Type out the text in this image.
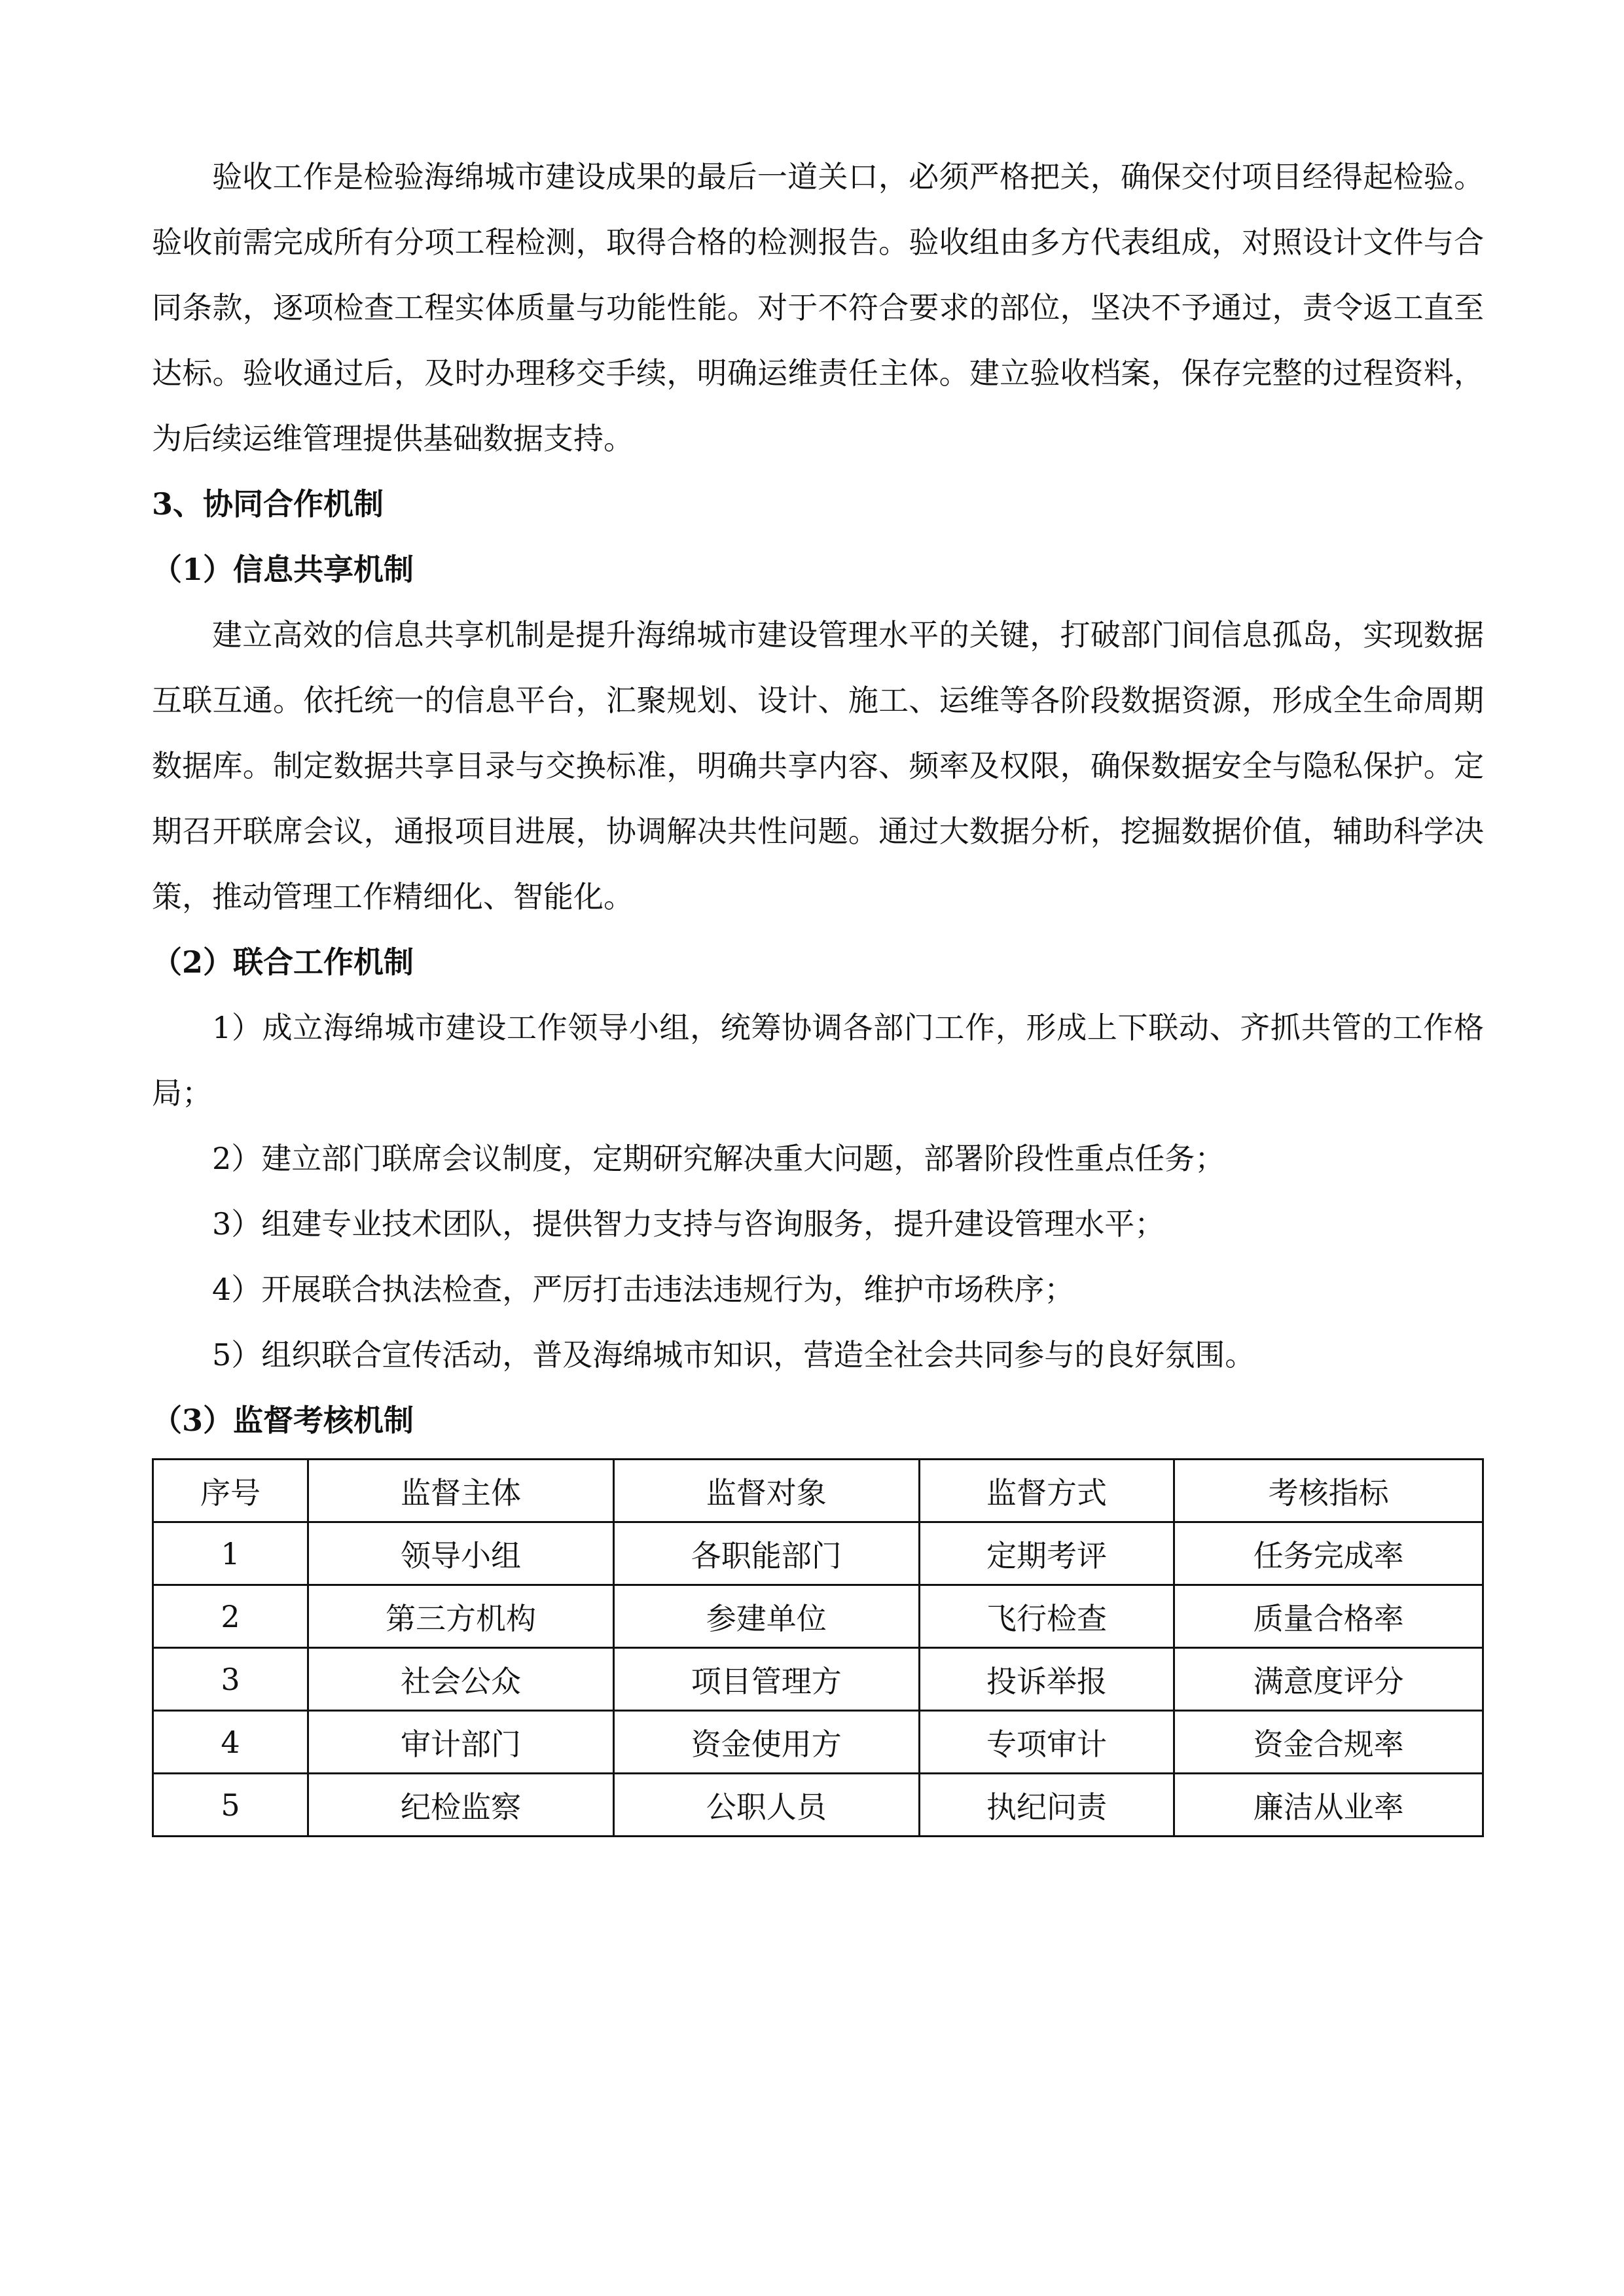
验收工作是检验海绵城市建设成果的最后一道关口，必须严格把关，确保交付项目经得起检验。验收前需完成所有分项工程检测，取得合格的检测报告。验收组由多方代表组成，对照设计文件与合同条款，逐项检查工程实体质量与功能性能。对于不符合要求的部位，坚决不予通过，责令返工直至达标。验收通过后，及时办理移交手续，明确运维责任主体。建立验收档案，保存完整的过程资料，为后续运维管理提供基础数据支持。

3、协同合作机制

（1）信息共享机制

建立高效的信息共享机制是提升海绵城市建设管理水平的关键，打破部门间信息孤岛，实现数据互联互通。依托统一的信息平台，汇聚规划、设计、施工、运维等各阶段数据资源，形成全生命周期数据库。制定数据共享目录与交换标准，明确共享内容、频率及权限，确保数据安全与隐私保护。定期召开联席会议，通报项目进展，协调解决共性问题。通过大数据分析，挖掘数据价值，辅助科学决策，推动管理工作精细化、智能化。

（2）联合工作机制

1）成立海绵城市建设工作领导小组，统筹协调各部门工作，形成上下联动、齐抓共管的工作格局；

2）建立部门联席会议制度，定期研究解决重大问题，部署阶段性重点任务；

3）组建专业技术团队，提供智力支持与咨询服务，提升建设管理水平；

4）开展联合执法检查，严厉打击违法违规行为，维护市场秩序；

5）组织联合宣传活动，普及海绵城市知识，营造全社会共同参与的良好氛围。

（3）监督考核机制

序号	监督主体	监督对象	监督方式	考核指标
1	领导小组	各职能部门	定期考评	任务完成率
2	第三方机构	参建单位	飞行检查	质量合格率
3	社会公众	项目管理方	投诉举报	满意度评分
4	审计部门	资金使用方	专项审计	资金合规率
5	纪检监察	公职人员	执纪问责	廉洁从业率
